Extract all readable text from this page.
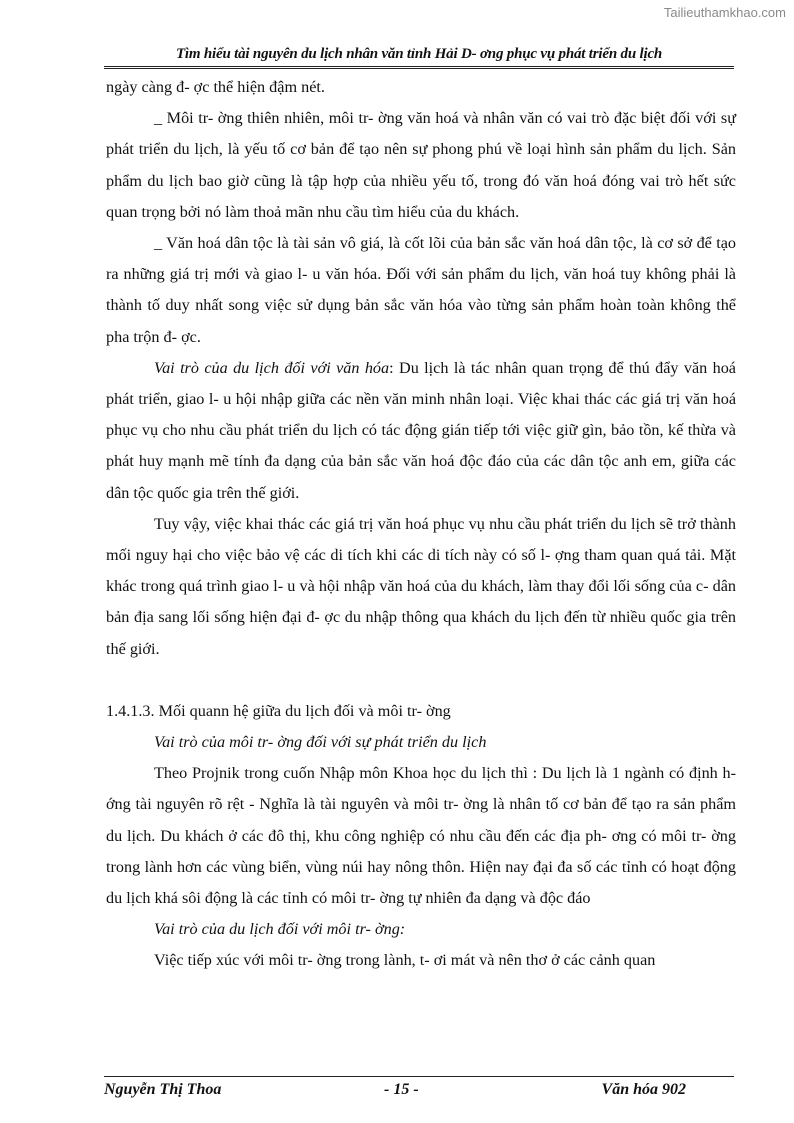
Tailieuthamkhao.com
Tìm hiểu tài nguyên du lịch nhân văn tỉnh Hải D- ơng phục vụ phát triển du lịch

ngày càng đ- ợc thể hiện đậm nét.

_ Môi tr- ờng thiên nhiên, môi tr- ờng văn hoá và nhân văn có vai trò đặc biệt đối với sự phát triển du lịch, là yếu tố cơ bản để tạo nên sự phong phú về loại hình sản phẩm du lịch. Sản phẩm du lịch bao giờ cũng là tập hợp của nhiều yếu tố, trong đó văn hoá đóng vai trò hết sức quan trọng bởi nó làm thoả mãn nhu cầu tìm hiểu của du khách.

_ Văn hoá dân tộc là tài sản vô giá, là cốt lõi của bản sắc văn hoá dân tộc, là cơ sở để tạo ra những giá trị mới và giao l- u văn hóa. Đối với sản phẩm du lịch, văn hoá tuy không phải là thành tố duy nhất song việc sử dụng bản sắc văn hóa vào từng sản phẩm hoàn toàn không thể pha trộn đ- ợc.

Vai trò của du lịch đối với văn hóa: Du lịch là tác nhân quan trọng để thú đẩy văn hoá phát triển, giao l- u hội nhập giữa các nền văn minh nhân loại. Việc khai thác các giá trị văn hoá phục vụ cho nhu cầu phát triển du lịch có tác động gián tiếp tới việc giữ gìn, bảo tồn, kế thừa và phát huy mạnh mẽ tính đa dạng của bản sắc văn hoá độc đáo của các dân tộc anh em, giữa các dân tộc quốc gia trên thế giới.

Tuy vậy, việc khai thác các giá trị văn hoá phục vụ nhu cầu phát triển du lịch sẽ trở thành mối nguy hại cho việc bảo vệ các di tích khi các di tích này có số l- ợng tham quan quá tải. Mặt khác trong quá trình giao l- u và hội nhập văn hoá của du khách, làm thay đổi lối sống của c- dân bản địa sang lối sống hiện đại đ- ợc du nhập thông qua khách du lịch đến từ nhiều quốc gia trên thế giới.

1.4.1.3. Mối quann hệ giữa du lịch đối và môi tr- ờng

Vai trò của môi tr- ờng đối với sự phát triển du lịch

Theo Projnik trong cuốn Nhập môn Khoa học du lịch thì : Du lịch là 1 ngành có định h- ớng tài nguyên rõ rệt - Nghĩa là tài nguyên và môi tr- ờng là nhân tố cơ bản để tạo ra sản phẩm du lịch. Du khách ở các đô thị, khu công nghiệp có nhu cầu đến các địa ph- ơng có môi tr- ờng trong lành hơn các vùng biển, vùng núi hay nông thôn. Hiện nay đại đa số các tỉnh có hoạt động du lịch khá sôi động là các tỉnh có môi tr- ờng tự nhiên đa dạng và độc đáo

Vai trò của du lịch đối với môi tr- ờng:

Việc tiếp xúc với môi tr- ờng trong lành, t- ơi mát và nên thơ ở các cảnh quan

Nguyễn Thị Thoa	- 15 -	Văn hóa 902
